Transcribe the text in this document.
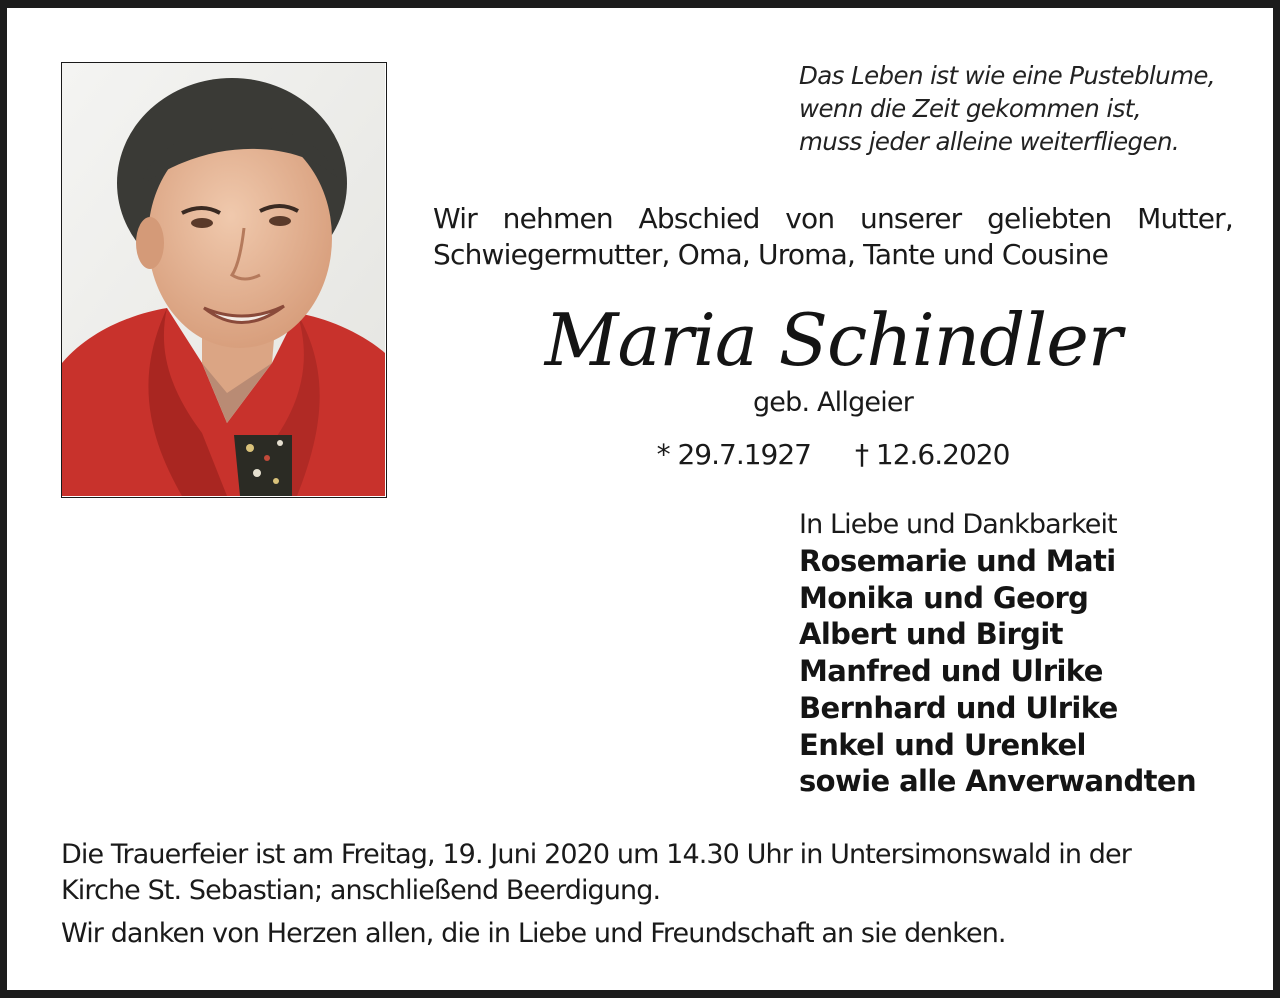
Das Leben ist wie eine Pusteblume,
wenn die Zeit gekommen ist,
muss jeder alleine weiterfliegen.
Wir nehmen Abschied von unserer geliebten Mutter,
Schwiegermutter, Oma, Uroma, Tante und Cousine
Maria Schindler
geb. Allgeier
* 29.7.1927 † 12.6.2020
In Liebe und Dankbarkeit
Rosemarie und Mati
Monika und Georg
Albert und Birgit
Manfred und Ulrike
Bernhard und Ulrike
Enkel und Urenkel
sowie alle Anverwandten
Die Trauerfeier ist am Freitag, 19. Juni 2020 um 14.30 Uhr in Untersimonswald in der
Kirche St. Sebastian; anschließend Beerdigung.
Wir danken von Herzen allen, die in Liebe und Freundschaft an sie denken.
